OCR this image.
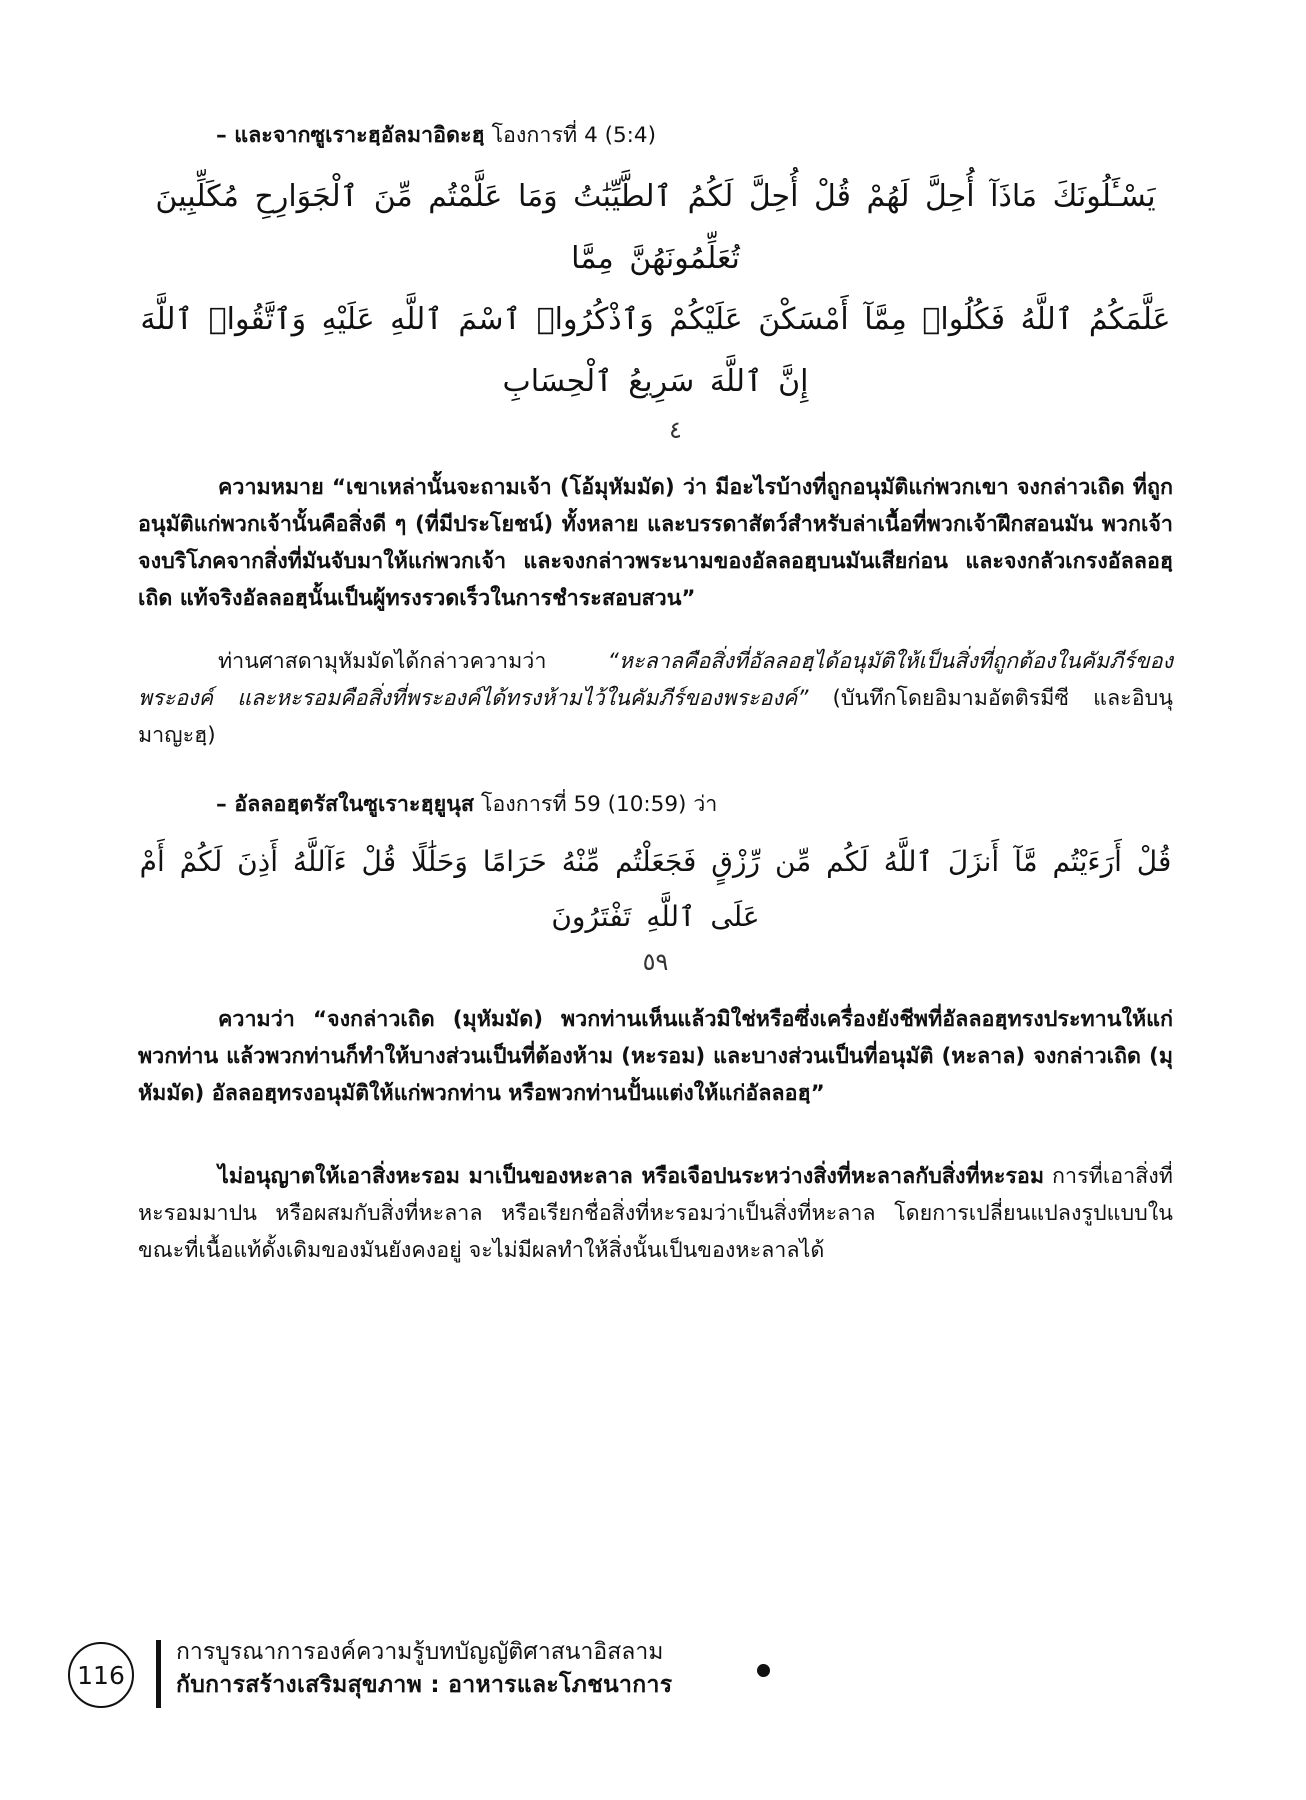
– และจากซูเราะฮฺอัลมาอิดะฮฺ โองการที่ 4 (5:4)

يَسْـَٔلُونَكَ مَاذَآ أُحِلَّ لَهُمْ قُلْ أُحِلَّ لَكُمُ ٱلطَّيِّبَٰتُ وَمَا عَلَّمْتُم مِّنَ ٱلْجَوَارِحِ مُكَلِّبِينَ تُعَلِّمُونَهُنَّ مِمَّا
عَلَّمَكُمُ ٱللَّهُ فَكُلُوا۟ مِمَّآ أَمْسَكْنَ عَلَيْكُمْ وَٱذْكُرُوا۟ ٱسْمَ ٱللَّهِ عَلَيْهِ وَٱتَّقُوا۟ ٱللَّهَ إِنَّ ٱللَّهَ سَرِيعُ ٱلْحِسَابِ
٤

ความหมาย “เขาเหล่านั้นจะถามเจ้า (โอ้มุหัมมัด) ว่า มีอะไรบ้างที่ถูกอนุมัติแก่พวกเขา จงกล่าวเถิด ที่ถูกอนุมัติแก่พวกเจ้านั้นคือสิ่งดี ๆ (ที่มีประโยชน์) ทั้งหลาย และบรรดาสัตว์สำหรับล่าเนื้อที่พวกเจ้าฝึกสอนมัน พวกเจ้าจงบริโภคจากสิ่งที่มันจับมาให้แก่พวกเจ้า และจงกล่าวพระนามของอัลลอฮฺบนมันเสียก่อน และจงกลัวเกรงอัลลอฮฺเถิด แท้จริงอัลลอฮฺนั้นเป็นผู้ทรงรวดเร็วในการชำระสอบสวน”

ท่านศาสดามุหัมมัดได้กล่าวความว่า	“หะลาลคือสิ่งที่อัลลอฮฺได้อนุมัติให้เป็นสิ่งที่ถูกต้องในคัมภีร์ของพระองค์ และหะรอมคือสิ่งที่พระองค์ได้ทรงห้ามไว้ในคัมภีร์ของพระองค์” (บันทึกโดยอิมามอัตติรมีซี และอิบนุมาญะฮฺ)

– อัลลอฮฺตรัสในซูเราะฮฺยูนุส โองการที่ 59 (10:59) ว่า

قُلْ أَرَءَيْتُم مَّآ أَنزَلَ ٱللَّهُ لَكُم مِّن رِّزْقٍ فَجَعَلْتُم مِّنْهُ حَرَامًا وَحَلَٰلًا قُلْ ءَآللَّهُ أَذِنَ لَكُمْ أَمْ
عَلَى ٱللَّهِ تَفْتَرُونَ
٥٩

ความว่า “จงกล่าวเถิด (มุหัมมัด) พวกท่านเห็นแล้วมิใช่หรือซึ่งเครื่องยังชีพที่อัลลอฮฺทรงประทานให้แก่พวกท่าน แล้วพวกท่านก็ทำให้บางส่วนเป็นที่ต้องห้าม (หะรอม) และบางส่วนเป็นที่อนุมัติ (หะลาล) จงกล่าวเถิด (มุหัมมัด) อัลลอฮฺทรงอนุมัติให้แก่พวกท่าน หรือพวกท่านปั้นแต่งให้แก่อัลลอฮฺ”

ไม่อนุญาตให้เอาสิ่งหะรอม มาเป็นของหะลาล หรือเจือปนระหว่างสิ่งที่หะลาลกับสิ่งที่หะรอม การที่เอาสิ่งที่หะรอมมาปน หรือผสมกับสิ่งที่หะลาล หรือเรียกชื่อสิ่งที่หะรอมว่าเป็นสิ่งที่หะลาล โดยการเปลี่ยนแปลงรูปแบบในขณะที่เนื้อแท้ดั้งเดิมของมันยังคงอยู่ จะไม่มีผลทำให้สิ่งนั้นเป็นของหะลาลได้

116
การบูรณาการองค์ความรู้บทบัญญัติศาสนาอิสลาม
กับการสร้างเสริมสุขภาพ : อาหารและโภชนาการ
